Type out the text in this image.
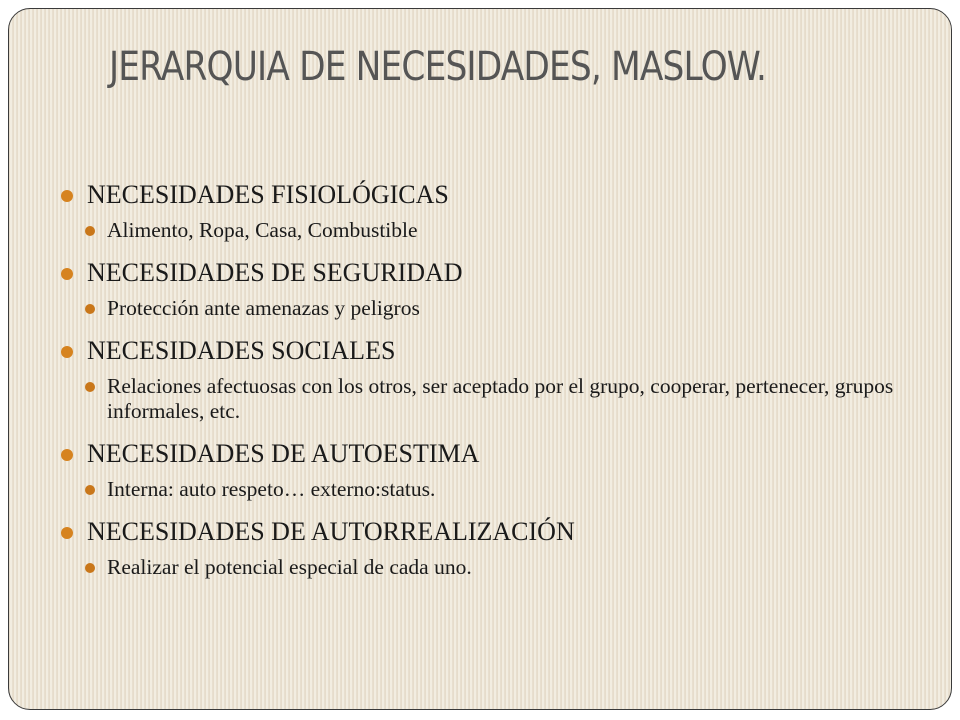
JERARQUIA DE NECESIDADES, MASLOW.
NECESIDADES FISIOLÓGICAS
Alimento, Ropa, Casa, Combustible
NECESIDADES DE SEGURIDAD
Protección ante amenazas y peligros
NECESIDADES SOCIALES
Relaciones afectuosas con los otros, ser aceptado por el grupo, cooperar, pertenecer, grupos informales, etc.
NECESIDADES DE AUTOESTIMA
Interna: auto respeto… externo:status.
NECESIDADES DE AUTORREALIZACIÓN
Realizar el potencial especial de cada uno.
